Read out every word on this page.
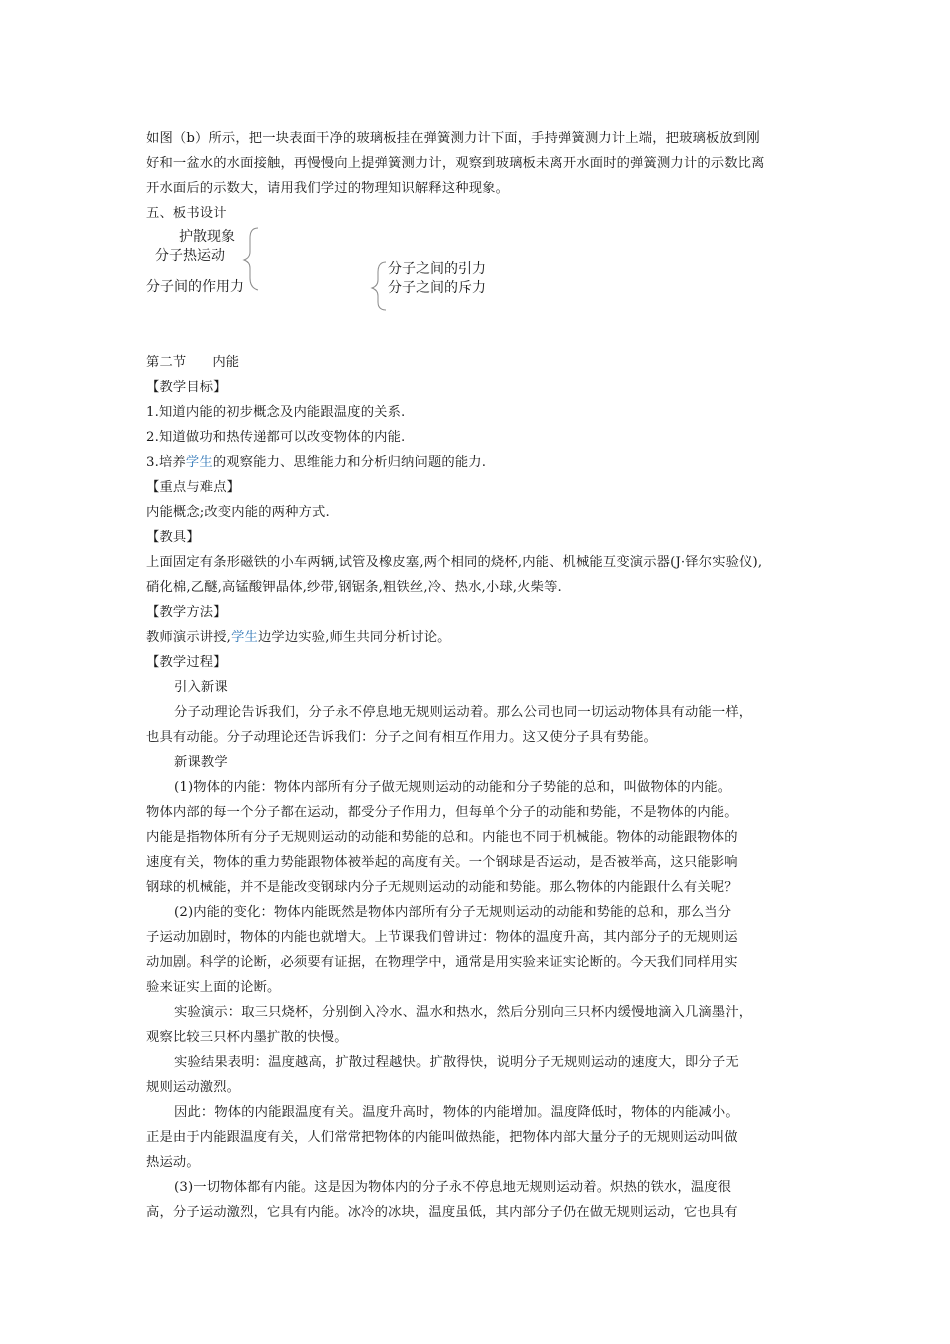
如图（b）所示，把一块表面干净的玻璃板挂在弹簧测力计下面，手持弹簧测力计上端，把玻璃板放到刚
好和一盆水的水面接触，再慢慢向上提弹簧测力计，观察到玻璃板未离开水面时的弹簧测力计的示数比离
开水面后的示数大，请用我们学过的物理知识解释这种现象。
五、板书设计
护散现象
分子热运动
分子间的作用力
分子之间的引力
分子之间的斥力
第二节 内能
【教学目标】
1.知道内能的初步概念及内能跟温度的关系.
2.知道做功和热传递都可以改变物体的内能.
3.培养学生的观察能力、思维能力和分析归纳问题的能力.
【重点与难点】
内能概念;改变内能的两种方式.
【教具】
上面固定有条形磁铁的小车两辆,试管及橡皮塞,两个相同的烧杯,内能、机械能互变演示器(J·铎尔实验仪),
硝化棉,乙醚,高锰酸钾晶体,纱带,钢锯条,粗铁丝,冷、热水,小球,火柴等.
【教学方法】
教师演示讲授,学生边学边实验,师生共同分析讨论。
【教学过程】
引入新课
分子动理论告诉我们，分子永不停息地无规则运动着。那么公司也同一切运动物体具有动能一样，
也具有动能。分子动理论还告诉我们：分子之间有相互作用力。这又使分子具有势能。
新课教学
(1)物体的内能：物体内部所有分子做无规则运动的动能和分子势能的总和，叫做物体的内能。
物体内部的每一个分子都在运动，都受分子作用力，但每单个分子的动能和势能，不是物体的内能。
内能是指物体所有分子无规则运动的动能和势能的总和。内能也不同于机械能。物体的动能跟物体的
速度有关，物体的重力势能跟物体被举起的高度有关。一个钢球是否运动，是否被举高，这只能影响
钢球的机械能，并不是能改变钢球内分子无规则运动的动能和势能。那么物体的内能跟什么有关呢？
(2)内能的变化：物体内能既然是物体内部所有分子无规则运动的动能和势能的总和，那么当分
子运动加剧时，物体的内能也就增大。上节课我们曾讲过：物体的温度升高，其内部分子的无规则运
动加剧。科学的论断，必须要有证据，在物理学中，通常是用实验来证实论断的。今天我们同样用实
验来证实上面的论断。
实验演示：取三只烧杯，分别倒入冷水、温水和热水，然后分别向三只杯内缓慢地滴入几滴墨汁，
观察比较三只杯内墨扩散的快慢。
实验结果表明：温度越高，扩散过程越快。扩散得快，说明分子无规则运动的速度大，即分子无
规则运动激烈。
因此：物体的内能跟温度有关。温度升高时，物体的内能增加。温度降低时，物体的内能减小。
正是由于内能跟温度有关，人们常常把物体的内能叫做热能，把物体内部大量分子的无规则运动叫做
热运动。
(3)一切物体都有内能。这是因为物体内的分子永不停息地无规则运动着。炽热的铁水，温度很
高，分子运动激烈，它具有内能。冰冷的冰块，温度虽低，其内部分子仍在做无规则运动，它也具有
